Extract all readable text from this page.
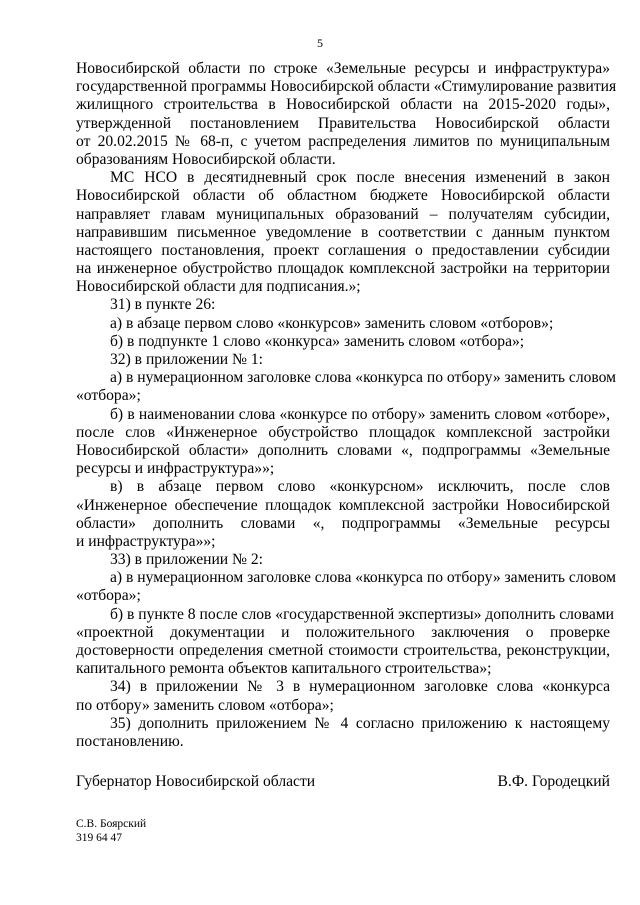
5
Новосибирской области по строке «Земельные ресурсы и инфраструктура»
государственной программы Новосибирской области «Стимулирование развития
жилищного строительства в Новосибирской области на 2015-2020 годы»,
утвержденной постановлением Правительства Новосибирской области
от 20.02.2015 № 68-п, с учетом распределения лимитов по муниципальным
образованиям Новосибирской области.
МС НСО в десятидневный срок после внесения изменений в закон
Новосибирской области об областном бюджете Новосибирской области
направляет главам муниципальных образований – получателям субсидии,
направившим письменное уведомление в соответствии с данным пунктом
настоящего постановления, проект соглашения о предоставлении субсидии
на инженерное обустройство площадок комплексной застройки на территории
Новосибирской области для подписания.»;
31) в пункте 26:
а) в абзаце первом слово «конкурсов» заменить словом «отборов»;
б) в подпункте 1 слово «конкурса» заменить словом «отбора»;
32) в приложении № 1:
а) в нумерационном заголовке слова «конкурса по отбору» заменить словом
«отбора»;
б) в наименовании слова «конкурсе по отбору» заменить словом «отборе»,
после слов «Инженерное обустройство площадок комплексной застройки
Новосибирской области» дополнить словами «, подпрограммы «Земельные
ресурсы и инфраструктура»»;
в) в абзаце первом слово «конкурсном» исключить, после слов
«Инженерное обеспечение площадок комплексной застройки Новосибирской
области» дополнить словами «, подпрограммы «Земельные ресурсы
и инфраструктура»»;
33) в приложении № 2:
а) в нумерационном заголовке слова «конкурса по отбору» заменить словом
«отбора»;
б) в пункте 8 после слов «государственной экспертизы» дополнить словами
«проектной документации и положительного заключения о проверке
достоверности определения сметной стоимости строительства, реконструкции,
капитального ремонта объектов капитального строительства»;
34) в приложении № 3 в нумерационном заголовке слова «конкурса
по отбору» заменить словом «отбора»;
35) дополнить приложением № 4 согласно приложению к настоящему
постановлению.
Губернатор Новосибирской области	В.Ф. Городецкий
С.В. Боярский
319 64 47
